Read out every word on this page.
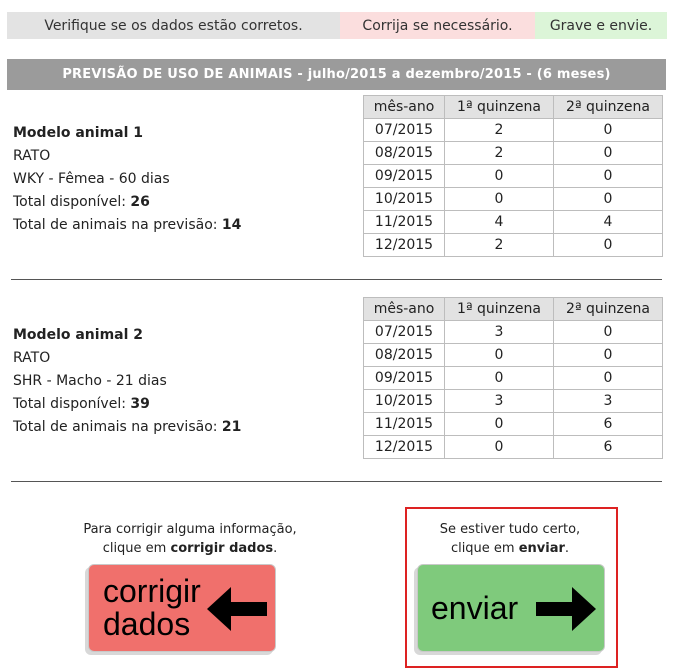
Verifique se os dados estão corretos.	Corrija se necessário.	Grave e envie.
PREVISÃO DE USO DE ANIMAIS - julho/2015 a dezembro/2015 - (6 meses)
Modelo animal 1
RATO
WKY - Fêmea - 60 dias
Total disponível: 26
Total de animais na previsão: 14
mês-ano	1ª quinzena	2ª quinzena
07/2015	2	0
08/2015	2	0
09/2015	0	0
10/2015	0	0
11/2015	4	4
12/2015	2	0
Modelo animal 2
RATO
SHR - Macho - 21 dias
Total disponível: 39
Total de animais na previsão: 21
mês-ano	1ª quinzena	2ª quinzena
07/2015	3	0
08/2015	0	0
09/2015	0	0
10/2015	3	3
11/2015	0	6
12/2015	0	6
Para corrigir alguma informação,
clique em corrigir dados.
corrigir
dados
Se estiver tudo certo,
clique em enviar.
enviar
